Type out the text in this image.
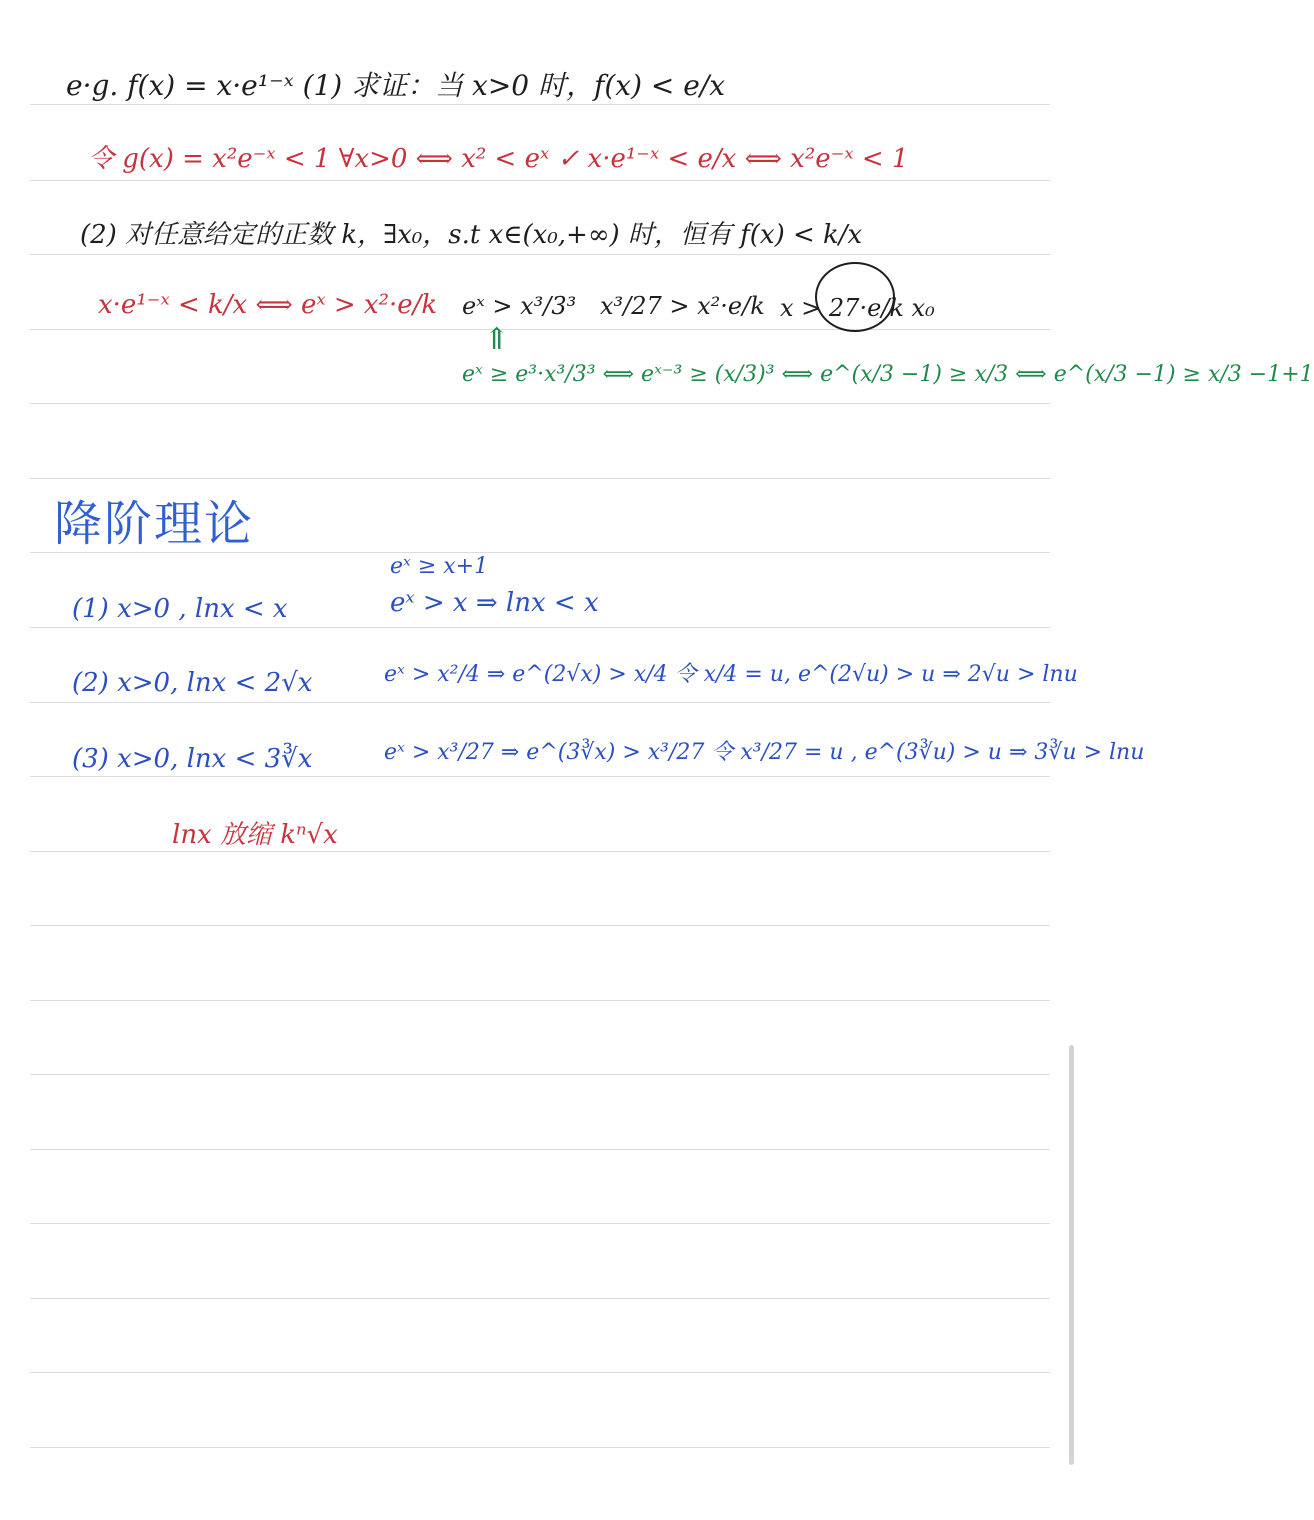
e·g. f(x) = x·e¹⁻ˣ (1) 求证：当 x>0 时，f(x) < e/x
令 g(x) = x²e⁻ˣ < 1 ∀x>0 ⟺ x² < eˣ ✓ x·e¹⁻ˣ < e/x ⟺ x²e⁻ˣ < 1
(2) 对任意给定的正数 k，∃x₀，s.t x∈(x₀,+∞) 时，恒有 f(x) < k/x
x·e¹⁻ˣ < k/x ⟺ eˣ > x²·e/k eˣ > x³/3³ x³/27 > x²·e/k x > 27·e/k x₀
⇑
eˣ ≥ e³·x³/3³ ⟺ eˣ⁻³ ≥ (x/3)³ ⟺ e^(x/3 −1) ≥ x/3 ⟺ e^(x/3 −1) ≥ x/3 −1+1
降阶理论
eˣ ≥ x+1
(1) x>0 , lnx < x	eˣ > x ⇒ lnx < x
(2) x>0, lnx < 2√x	eˣ > x²/4 ⇒ e^(2√x) > x/4 令 x/4 = u, e^(2√u) > u ⇒ 2√u > lnu
(3) x>0, lnx < 3∛x	eˣ > x³/27 ⇒ e^(3∛x) > x³/27 令 x³/27 = u , e^(3∛u) > u ⇒ 3∛u > lnu
lnx 放缩 kⁿ√x
